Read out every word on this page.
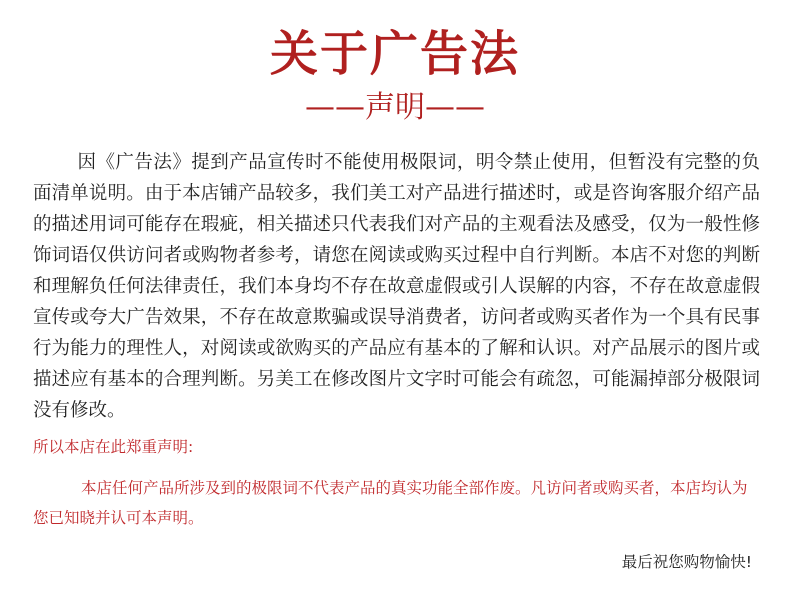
关于广告法
——声明——
因《广告法》提到产品宣传时不能使用极限词，明令禁止使用，但暂没有完整的负面清单说明。由于本店铺产品较多，我们美工对产品进行描述时，或是咨询客服介绍产品的描述用词可能存在瑕疵，相关描述只代表我们对产品的主观看法及感受，仅为一般性修饰词语仅供访问者或购物者参考，请您在阅读或购买过程中自行判断。本店不对您的判断和理解负任何法律责任，我们本身均不存在故意虚假或引人误解的内容，不存在故意虚假宣传或夸大广告效果，不存在故意欺骗或误导消费者，访问者或购买者作为一个具有民事行为能力的理性人，对阅读或欲购买的产品应有基本的了解和认识。对产品展示的图片或描述应有基本的合理判断。另美工在修改图片文字时可能会有疏忽，可能漏掉部分极限词没有修改。
所以本店在此郑重声明:
本店任何产品所涉及到的极限词不代表产品的真实功能全部作废。凡访问者或购买者，本店均认为您已知晓并认可本声明。
最后祝您购物愉快!
